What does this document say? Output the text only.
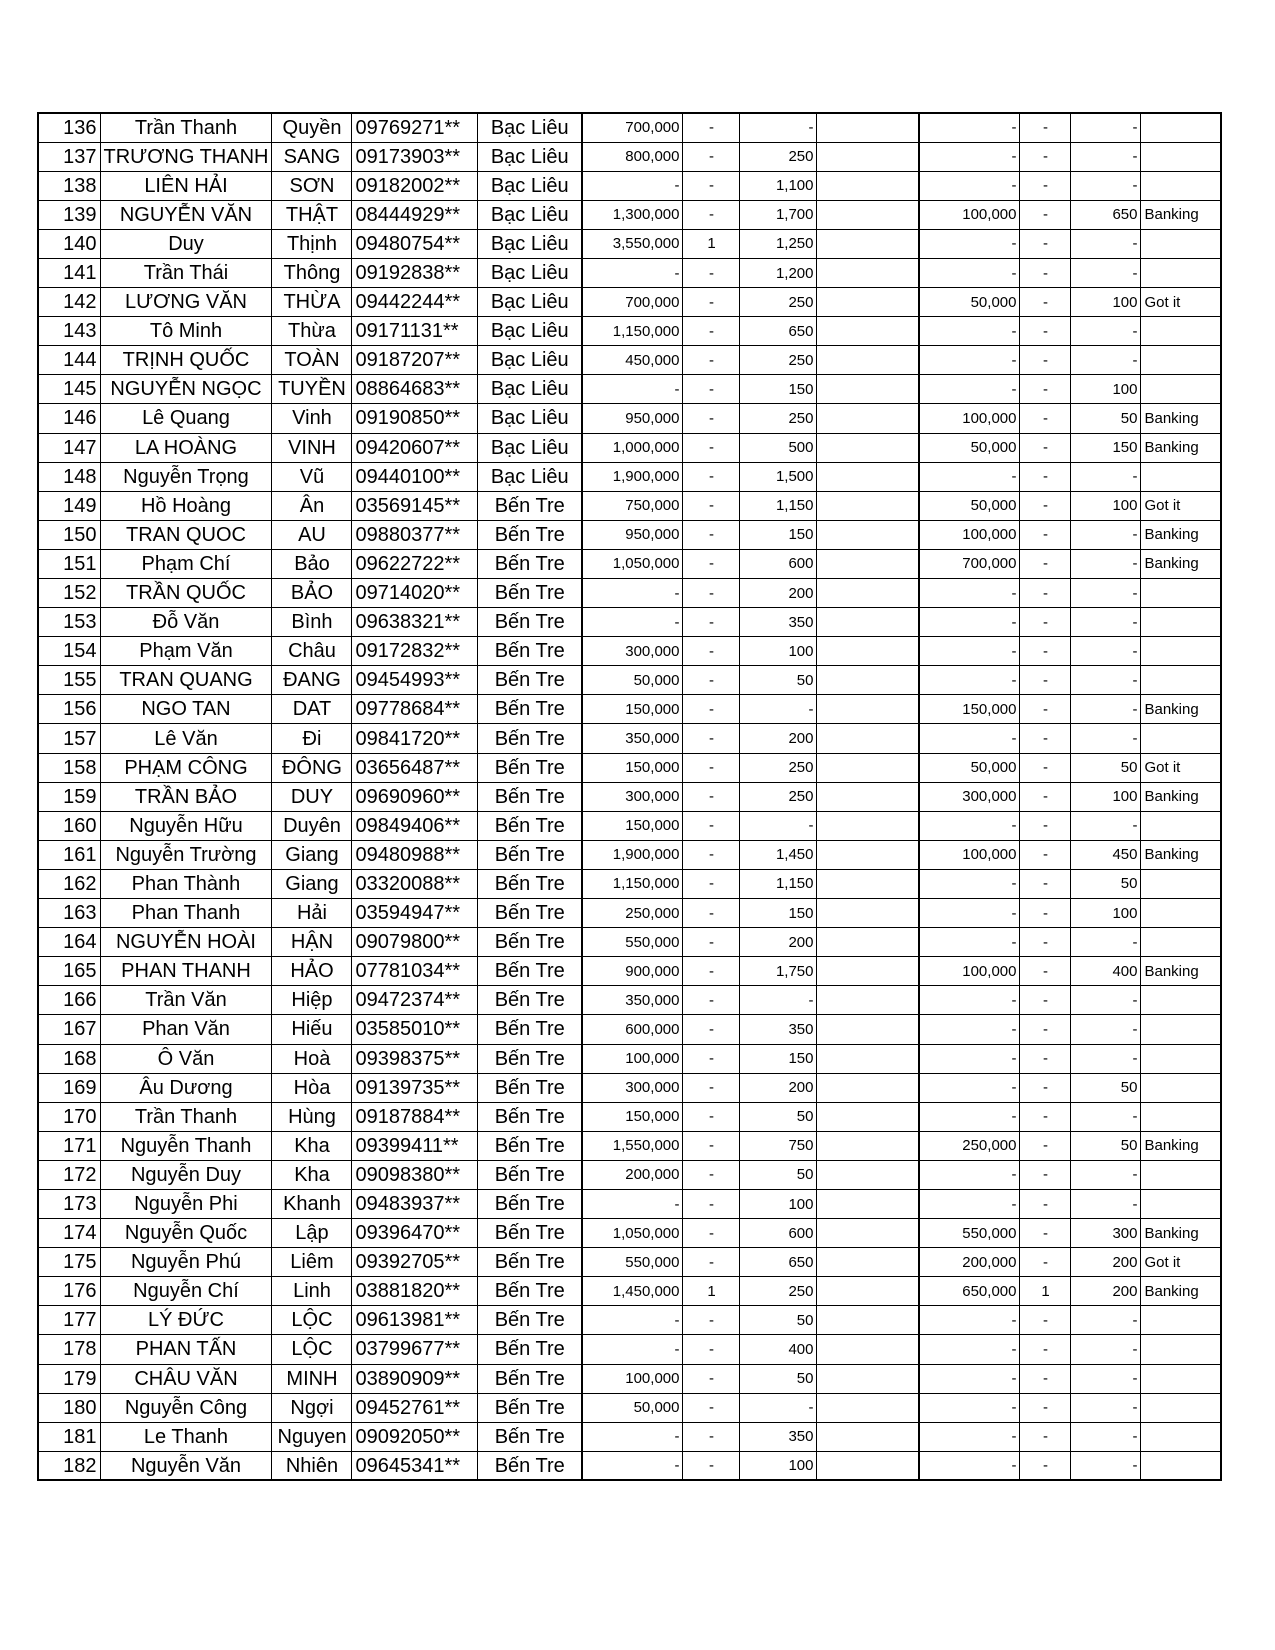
136	Trần Thanh	Quyền	09769271**	Bạc Liêu	700,000	-	-		-	-	-	
137	TRƯƠNG THANH	SANG	09173903**	Bạc Liêu	800,000	-	250		-	-	-	
138	LIÊN HẢI	SƠN	09182002**	Bạc Liêu	-	-	1,100		-	-	-	
139	NGUYỄN VĂN	THẬT	08444929**	Bạc Liêu	1,300,000	-	1,700		100,000	-	650	Banking
140	Duy	Thịnh	09480754**	Bạc Liêu	3,550,000	1	1,250		-	-	-	
141	Trần Thái	Thông	09192838**	Bạc Liêu	-	-	1,200		-	-	-	
142	LƯƠNG VĂN	THỪA	09442244**	Bạc Liêu	700,000	-	250		50,000	-	100	Got it
143	Tô Minh	Thừa	09171131**	Bạc Liêu	1,150,000	-	650		-	-	-	
144	TRỊNH QUỐC	TOÀN	09187207**	Bạc Liêu	450,000	-	250		-	-	-	
145	NGUYỄN NGỌC	TUYỀN	08864683**	Bạc Liêu	-	-	150		-	-	100	
146	Lê Quang	Vinh	09190850**	Bạc Liêu	950,000	-	250		100,000	-	50	Banking
147	LA HOÀNG	VINH	09420607**	Bạc Liêu	1,000,000	-	500		50,000	-	150	Banking
148	Nguyễn Trọng	Vũ	09440100**	Bạc Liêu	1,900,000	-	1,500		-	-	-	
149	Hồ Hoàng	Ân	03569145**	Bến Tre	750,000	-	1,150		50,000	-	100	Got it
150	TRAN QUOC	AU	09880377**	Bến Tre	950,000	-	150		100,000	-	-	Banking
151	Phạm Chí	Bảo	09622722**	Bến Tre	1,050,000	-	600		700,000	-	-	Banking
152	TRẦN QUỐC	BẢO	09714020**	Bến Tre	-	-	200		-	-	-	
153	Đỗ Văn	Bình	09638321**	Bến Tre	-	-	350		-	-	-	
154	Phạm Văn	Châu	09172832**	Bến Tre	300,000	-	100		-	-	-	
155	TRAN QUANG	ĐANG	09454993**	Bến Tre	50,000	-	50		-	-	-	
156	NGO TAN	DAT	09778684**	Bến Tre	150,000	-	-		150,000	-	-	Banking
157	Lê Văn	Đi	09841720**	Bến Tre	350,000	-	200		-	-	-	
158	PHẠM CÔNG	ĐÔNG	03656487**	Bến Tre	150,000	-	250		50,000	-	50	Got it
159	TRẦN BẢO	DUY	09690960**	Bến Tre	300,000	-	250		300,000	-	100	Banking
160	Nguyễn Hữu	Duyên	09849406**	Bến Tre	150,000	-	-		-	-	-	
161	Nguyễn Trường	Giang	09480988**	Bến Tre	1,900,000	-	1,450		100,000	-	450	Banking
162	Phan Thành	Giang	03320088**	Bến Tre	1,150,000	-	1,150		-	-	50	
163	Phan Thanh	Hải	03594947**	Bến Tre	250,000	-	150		-	-	100	
164	NGUYỄN HOÀI	HẬN	09079800**	Bến Tre	550,000	-	200		-	-	-	
165	PHAN THANH	HẢO	07781034**	Bến Tre	900,000	-	1,750		100,000	-	400	Banking
166	Trần Văn	Hiệp	09472374**	Bến Tre	350,000	-	-		-	-	-	
167	Phan Văn	Hiếu	03585010**	Bến Tre	600,000	-	350		-	-	-	
168	Ô Văn	Hoà	09398375**	Bến Tre	100,000	-	150		-	-	-	
169	Âu Dương	Hòa	09139735**	Bến Tre	300,000	-	200		-	-	50	
170	Trần Thanh	Hùng	09187884**	Bến Tre	150,000	-	50		-	-	-	
171	Nguyễn Thanh	Kha	09399411**	Bến Tre	1,550,000	-	750		250,000	-	50	Banking
172	Nguyễn Duy	Kha	09098380**	Bến Tre	200,000	-	50		-	-	-	
173	Nguyễn Phi	Khanh	09483937**	Bến Tre	-	-	100		-	-	-	
174	Nguyễn Quốc	Lập	09396470**	Bến Tre	1,050,000	-	600		550,000	-	300	Banking
175	Nguyễn Phú	Liêm	09392705**	Bến Tre	550,000	-	650		200,000	-	200	Got it
176	Nguyễn Chí	Linh	03881820**	Bến Tre	1,450,000	1	250		650,000	1	200	Banking
177	LÝ ĐỨC	LỘC	09613981**	Bến Tre	-	-	50		-	-	-	
178	PHAN TẤN	LỘC	03799677**	Bến Tre	-	-	400		-	-	-	
179	CHÂU VĂN	MINH	03890909**	Bến Tre	100,000	-	50		-	-	-	
180	Nguyễn Công	Ngợi	09452761**	Bến Tre	50,000	-	-		-	-	-	
181	Le Thanh	Nguyen	09092050**	Bến Tre	-	-	350		-	-	-	
182	Nguyễn Văn	Nhiên	09645341**	Bến Tre	-	-	100		-	-	-	
